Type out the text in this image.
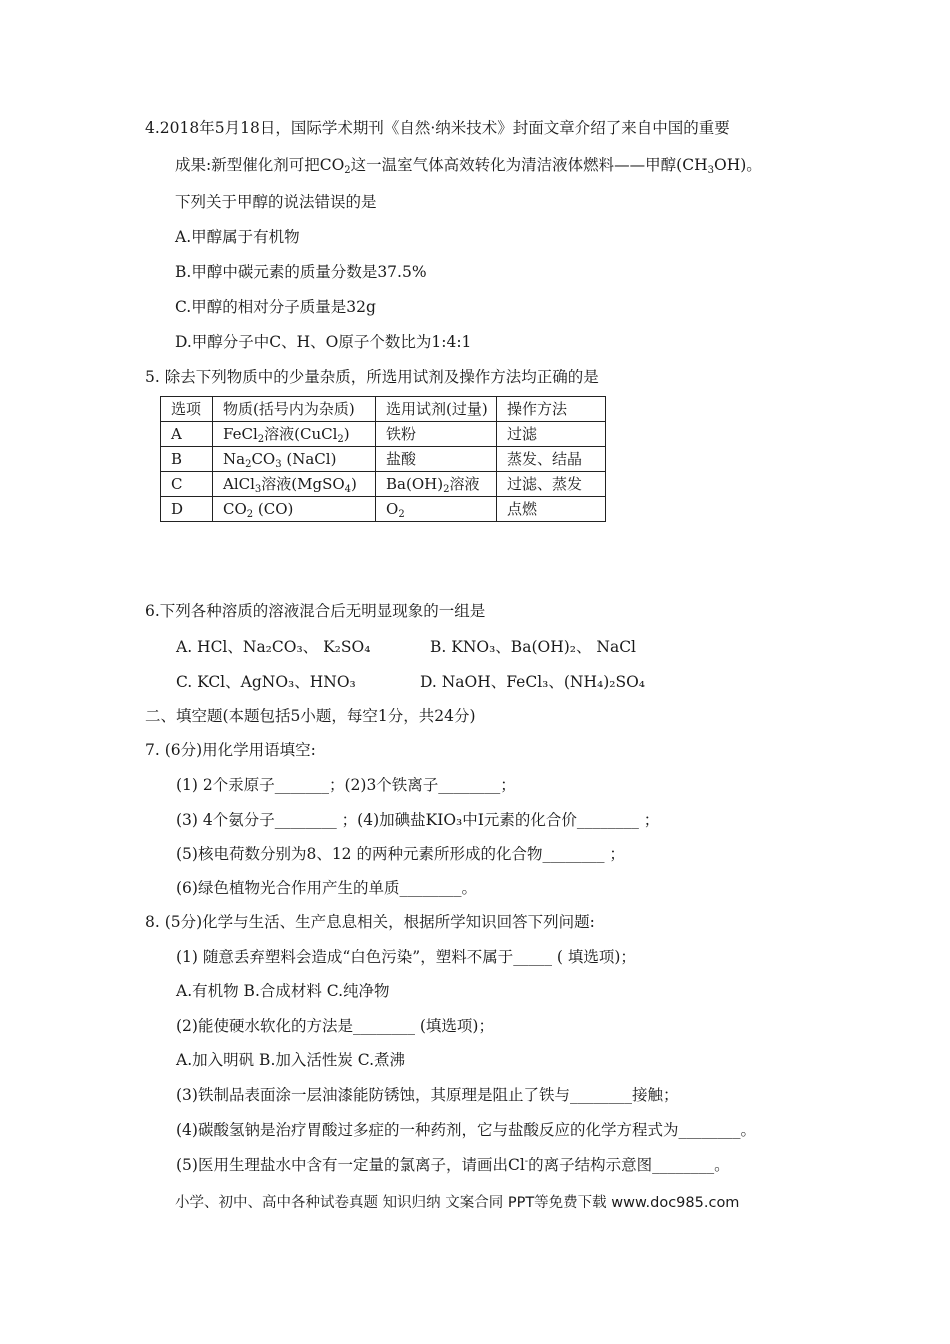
4.2018年5月18日，国际学术期刊《自然·纳米技术》封面文章介绍了来自中国的重要
成果:新型催化剂可把$CO_2$这一温室气体高效转化为清洁液体燃料——甲醇$(CH_3OH)$。
下列关于甲醇的说法错误的是
A.甲醇属于有机物
B.甲醇中碳元素的质量分数是37.5%
C.甲醇的相对分子质量是32g
D.甲醇分子中C、H、O原子个数比为1:4:1
5. 除去下列物质中的少量杂质，所选用试剂及操作方法均正确的是
选项	物质(括号内为杂质)	选用试剂(过量)	操作方法
A	FeCl$_2$溶液(CuCl$_2$)	铁粉	过滤
B	$Na_2CO_3$ (NaCl)	盐酸	蒸发、结晶
C	AlCl$_3$溶液(MgSO$_4$)	$Ba(OH)_2$溶液	过滤、蒸发
D	$CO_2$ (CO)	$O_2$	点燃
6.下列各种溶质的溶液混合后无明显现象的一组是
A. HCl、Na₂CO₃、 K₂SO₄	B. KNO₃、Ba(OH)₂、 NaCl
C. KCl、AgNO₃、HNO₃	D. NaOH、FeCl₃、(NH₄)₂SO₄
二、填空题(本题包括5小题，每空1分，共24分)
7. (6分)用化学用语填空:
(1) 2个汞原子_______；(2)3个铁离子________；
(3) 4个氨分子________ ；(4)加碘盐KIO₃中I元素的化合价________ ；
(5)核电荷数分别为8、12 的两种元素所形成的化合物________ ；
(6)绿色植物光合作用产生的单质________。
8. (5分)化学与生活、生产息息相关，根据所学知识回答下列问题:
(1) 随意丢弃塑料会造成“白色污染”，塑料不属于_____ ( 填选项)；
A.有机物 B.合成材料 C.纯净物
(2)能使硬水软化的方法是________ (填选项)；
A.加入明矾 B.加入活性炭 C.煮沸
(3)铁制品表面涂一层油漆能防锈蚀，其原理是阻止了铁与________接触；
(4)碳酸氢钠是治疗胃酸过多症的一种药剂，它与盐酸反应的化学方程式为________。
(5)医用生理盐水中含有一定量的氯离子，请画出Cl-的离子结构示意图________。
小学、初中、高中各种试卷真题 知识归纳 文案合同 PPT等免费下载 www.doc985.com
